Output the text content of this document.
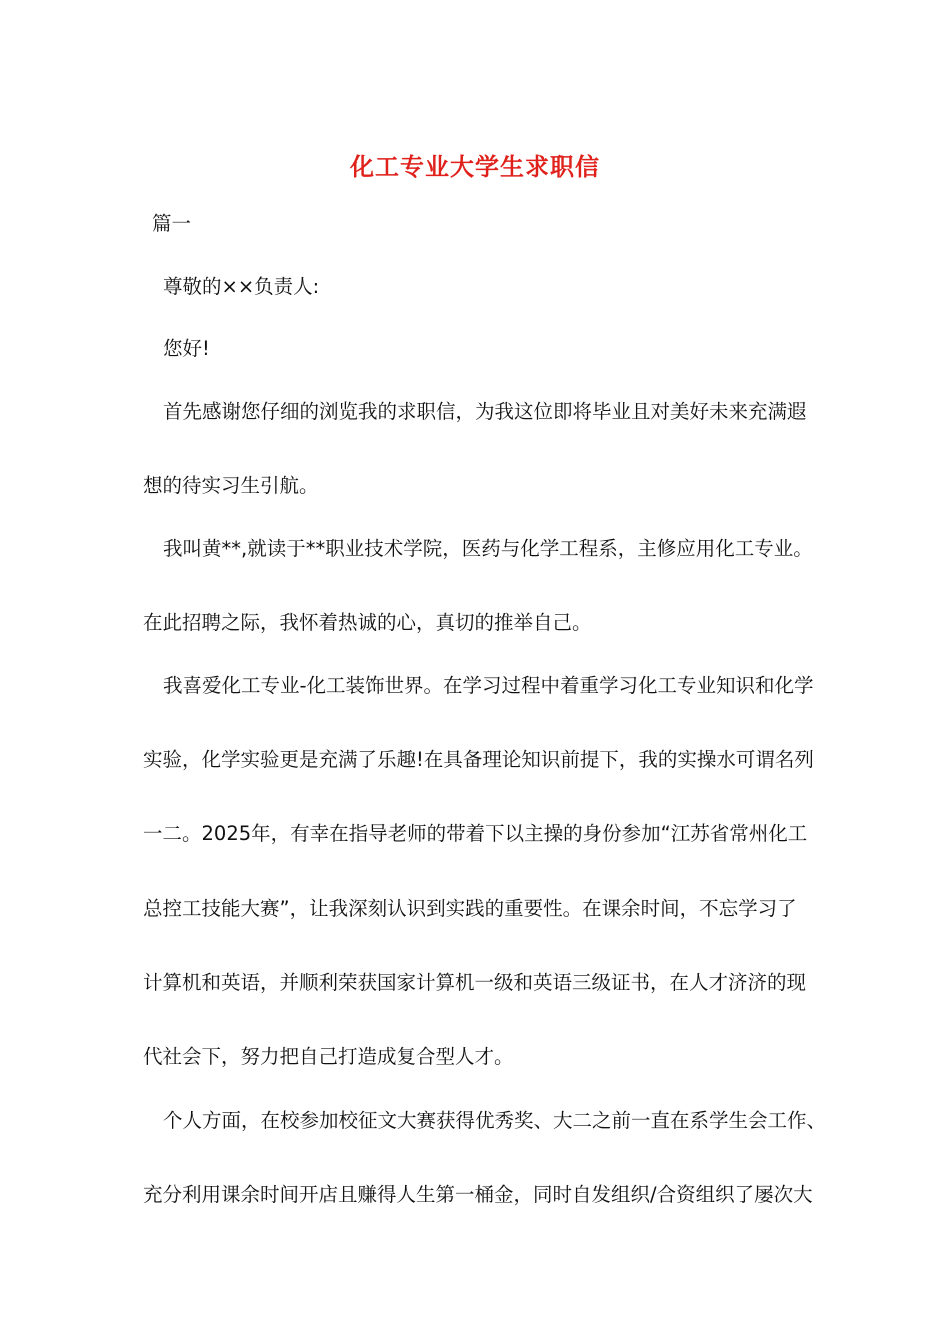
化工专业大学生求职信
篇一
尊敬的××负责人:
您好!
首先感谢您仔细的浏览我的求职信，为我这位即将毕业且对美好未来充满遐
想的待实习生引航。
我叫黄**,就读于**职业技术学院，医药与化学工程系，主修应用化工专业。
在此招聘之际，我怀着热诚的心，真切的推举自己。
我喜爱化工专业-化工装饰世界。在学习过程中着重学习化工专业知识和化学
实验，化学实验更是充满了乐趣!在具备理论知识前提下，我的实操水可谓名列
一二。2025年，有幸在指导老师的带着下以主操的身份参加“江苏省常州化工
总控工技能大赛”，让我深刻认识到实践的重要性。在课余时间，不忘学习了
计算机和英语，并顺利荣获国家计算机一级和英语三级证书，在人才济济的现
代社会下，努力把自己打造成复合型人才。
个人方面，在校参加校征文大赛获得优秀奖、大二之前一直在系学生会工作、
充分利用课余时间开店且赚得人生第一桶金，同时自发组织/合资组织了屡次大
